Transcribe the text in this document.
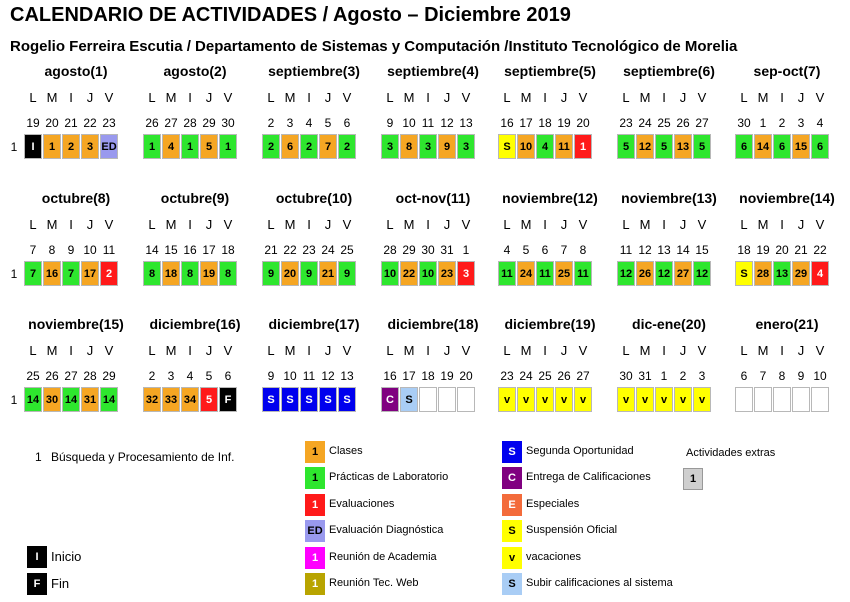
CALENDARIO DE ACTIVIDADES / Agosto – Diciembre 2019
Rogelio Ferreira Escutia / Departamento de Sistemas y Computación /Instituto Tecnológico de Morelia
agosto(1)
L M I	J V
19 20 21 22 23
I	1	2	3 ED
1
agosto(2)
L M I	J V
26 27 28 29 30
1	4	1	5	1
septiembre(3)
L M I	J V
2	3	4	5	6
2	6	2	7	2
septiembre(4)
L M I	J V
9 10 11 12 13
3	8	3	9	3
septiembre(5)
L M I	J V
16 17 18 19 20
S 10 4 11 1
septiembre(6)
L M I	J V
23 24 25 26 27
5 12 5 13 5
sep-oct(7)
L M I	J V
30 1	2	3	4
6 14 6 15 6
octubre(8)
L M I	J V
7	8	9 10 11
7 16 7 17 2
1
octubre(9)
L M I	J V
14 15 16 17 18
8 18 8 19 8
octubre(10)
L M I	J V
21 22 23 24 25
9 20 9 21 9
oct-nov(11)
L M I	J V
28 29 30 31 1
10 22 10 23 3
noviembre(12)
L M I	J V
4	5	6	7	8
11 24 11 25 11
noviembre(13)
L M I	J V
11 12 13 14 15
12 26 12 27 12
noviembre(14)
L M I	J V
18 19 20 21 22
S 28 13 29 4
noviembre(15)
L M I	J V
25 26 27 28 29
14 30 14 31 14
1
diciembre(16)
L M I	J V
2	3	4	5	6
32 33 34 5	F
diciembre(17)
L M I	J V
9 10 11 12 13
S	S	S	S	S
diciembre(18)
L M I	J V
16 17 18 19 20
C	S
diciembre(19)
L M I	J V
23 24 25 26 27
v	v	v	v	v
dic-ene(20)
L M I	J V
30 31 1	2	3
v	v	v	v	v
enero(21)
L M I	J V
6	7	8	9 10
1 Búsqueda y Procesamiento de Inf.
I Inicio
F Fin
1 Clases
1 Prácticas de Laboratorio
1 Evaluaciones
ED Evaluación Diagnóstica
1 Reunión de Academia
1 Reunión Tec. Web
S Segunda Oportunidad
C Entrega de Calificaciones
E Especiales
S Suspensión Oficial
v vacaciones
S Subir calificaciones al sistema
Actividades extras
1
